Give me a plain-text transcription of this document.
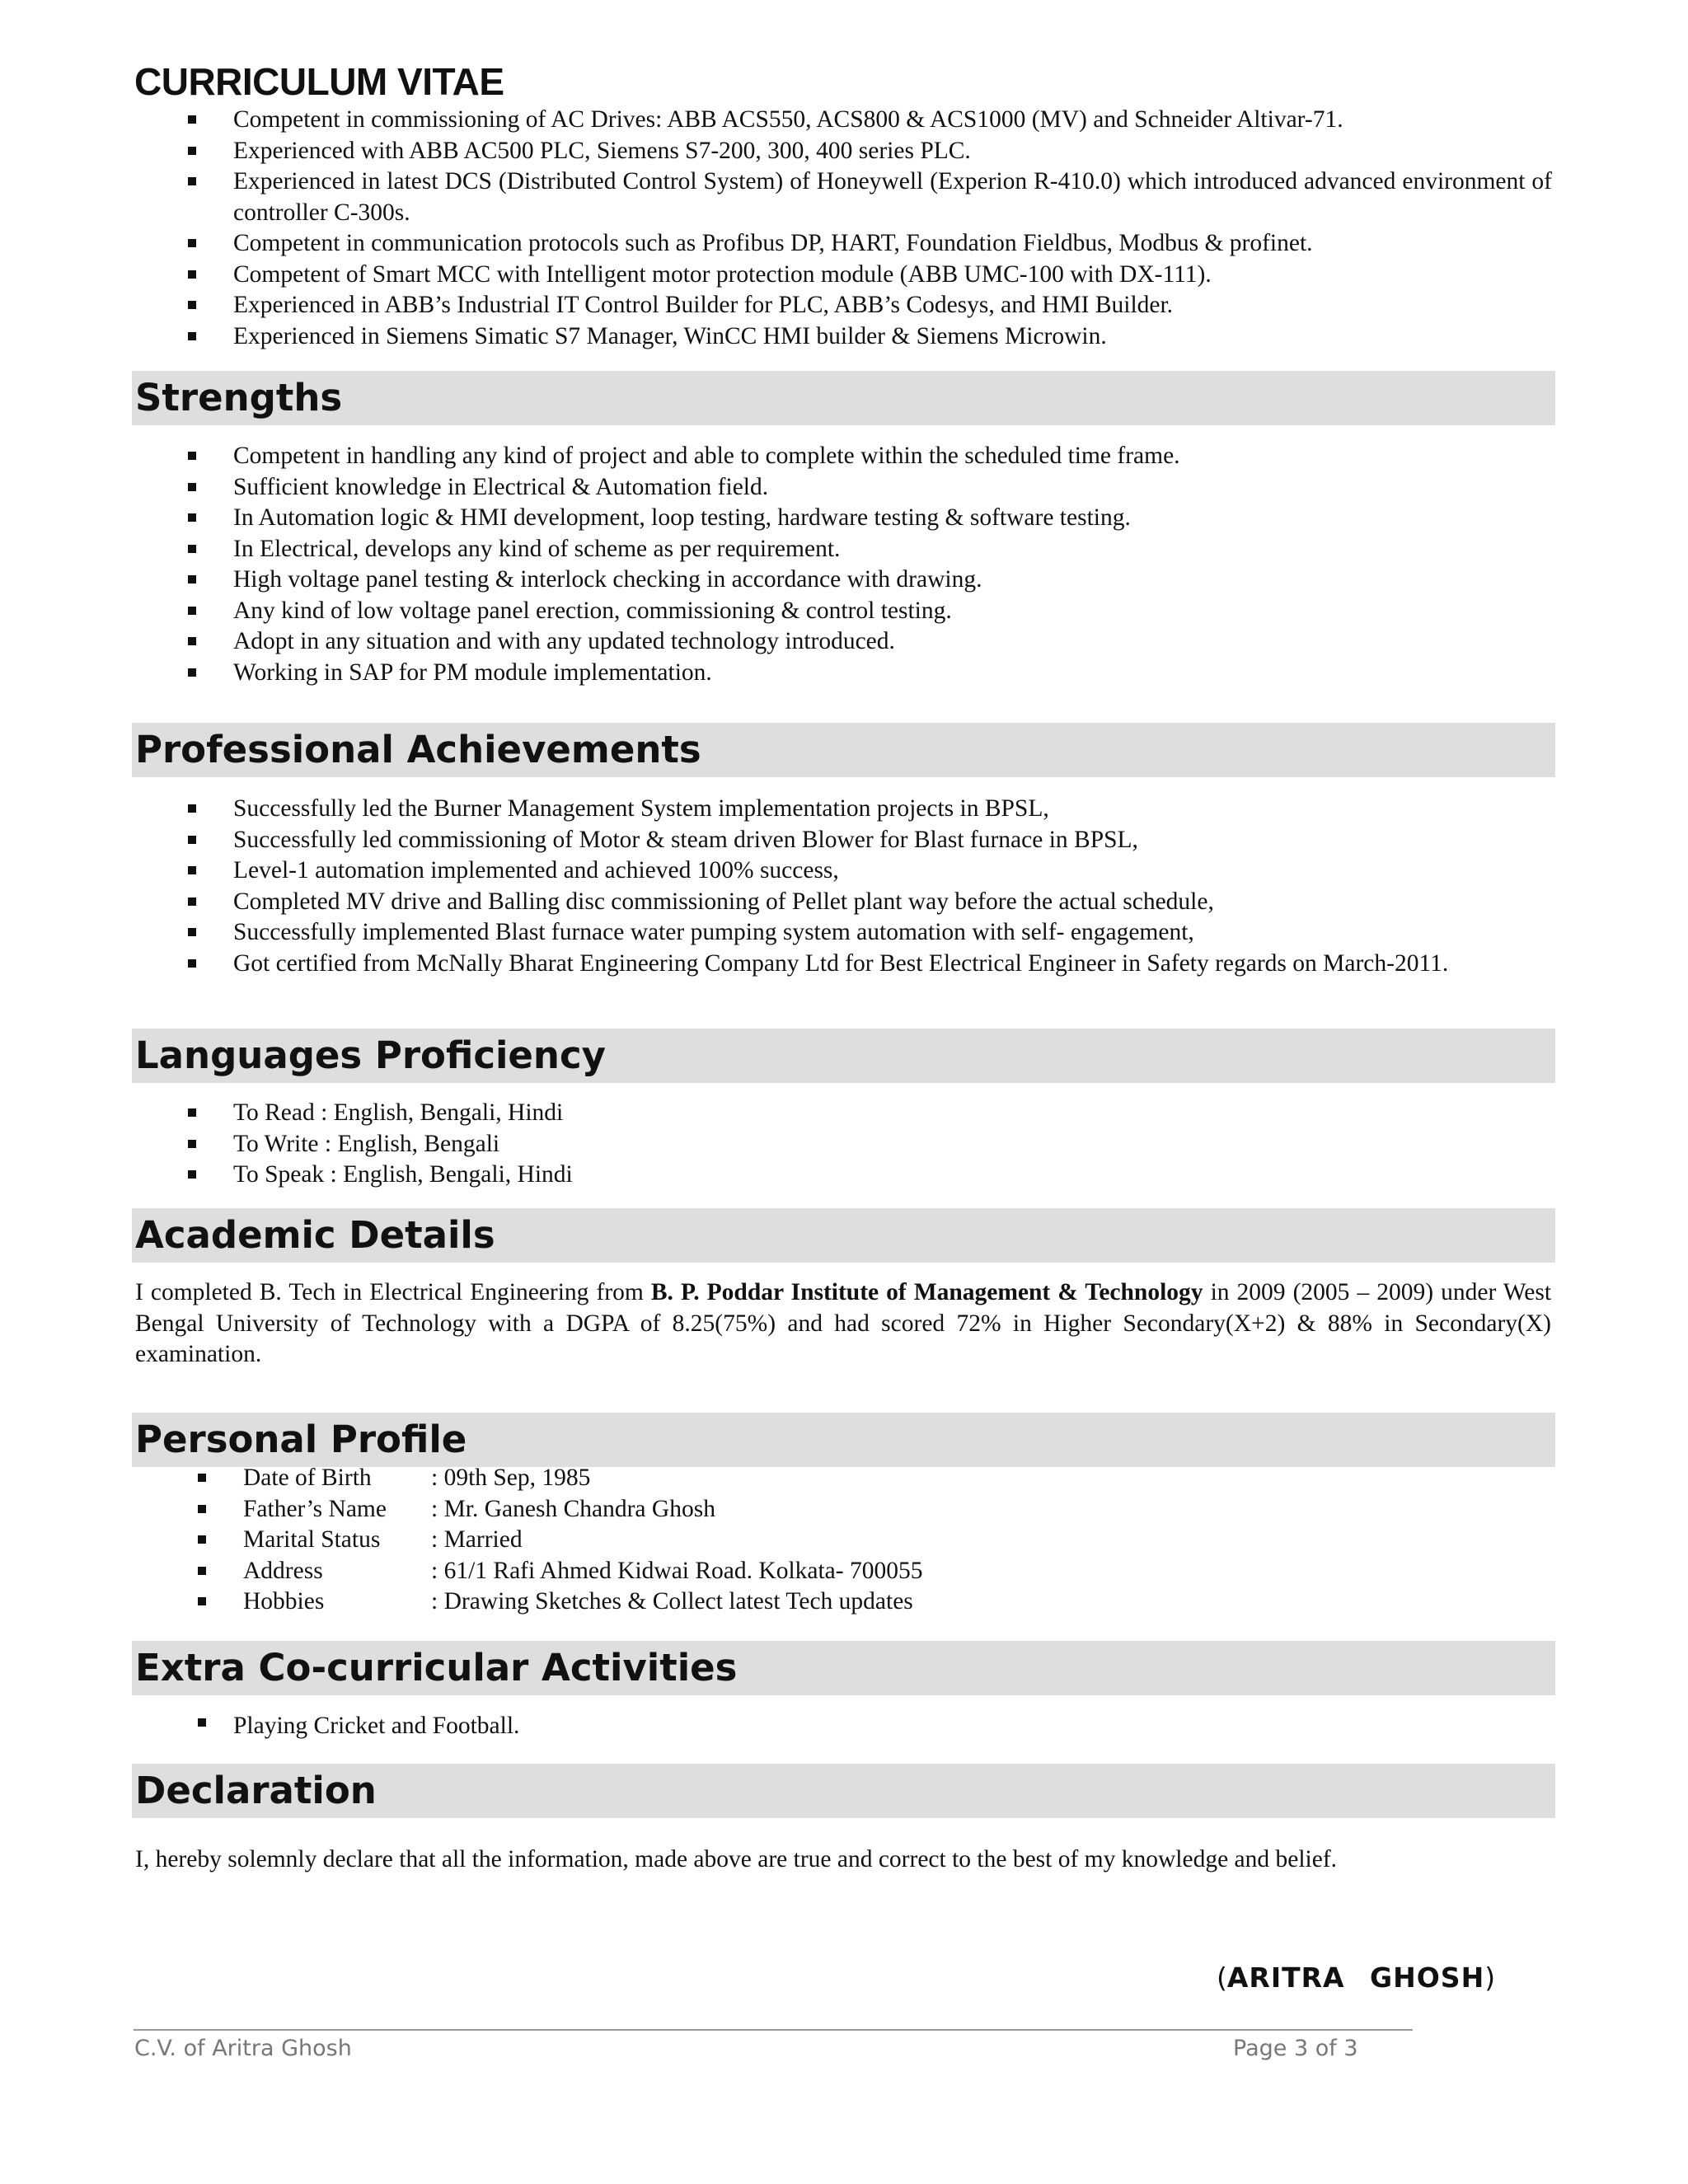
CURRICULUM VITAE
Competent in commissioning of AC Drives: ABB ACS550, ACS800 & ACS1000 (MV) and Schneider Altivar-71.
Experienced with ABB AC500 PLC, Siemens S7-200, 300, 400 series PLC.
Experienced in latest DCS (Distributed Control System) of Honeywell (Experion R-410.0) which introduced advanced environment of controller C-300s.
Competent in communication protocols such as Profibus DP, HART, Foundation Fieldbus, Modbus & profinet.
Competent of Smart MCC with Intelligent motor protection module (ABB UMC-100 with DX-111).
Experienced in ABB’s Industrial IT Control Builder for PLC, ABB’s Codesys, and HMI Builder.
Experienced in Siemens Simatic S7 Manager, WinCC HMI builder & Siemens Microwin.
Strengths
Competent in handling any kind of project and able to complete within the scheduled time frame.
Sufficient knowledge in Electrical & Automation field.
In Automation logic & HMI development, loop testing, hardware testing & software testing.
In Electrical, develops any kind of scheme as per requirement.
High voltage panel testing & interlock checking in accordance with drawing.
Any kind of low voltage panel erection, commissioning & control testing.
Adopt in any situation and with any updated technology introduced.
Working in SAP for PM module implementation.
Professional Achievements
Successfully led the Burner Management System implementation projects in BPSL,
Successfully led commissioning of Motor & steam driven Blower for Blast furnace in BPSL,
Level-1 automation implemented and achieved 100% success,
Completed MV drive and Balling disc commissioning of Pellet plant way before the actual schedule,
Successfully implemented Blast furnace water pumping system automation with self- engagement,
Got certified from McNally Bharat Engineering Company Ltd for Best Electrical Engineer in Safety regards on March-2011.
Languages Proficiency
To Read : English, Bengali, Hindi
To Write : English, Bengali
To Speak : English, Bengali, Hindi
Academic Details

I completed B. Tech in Electrical Engineering from B. P. Poddar Institute of Management & Technology in 2009 (2005 – 2009) under West Bengal University of Technology with a DGPA of 8.25(75%) and had scored 72% in Higher Secondary(X+2) & 88% in Secondary(X) examination.

Personal Profile
Date of Birth : 09th Sep, 1985
Father’s Name : Mr. Ganesh Chandra Ghosh
Marital Status : Married
Address	: 61/1 Rafi Ahmed Kidwai Road. Kolkata- 700055
Hobbies	: Drawing Sketches & Collect latest Tech updates
Extra Co-curricular Activities
Playing Cricket and Football.
Declaration

I, hereby solemnly declare that all the information, made above are true and correct to the best of my knowledge and belief.

(ARITRA GHOSH)
C.V. of Aritra Ghosh	Page 3 of 3
